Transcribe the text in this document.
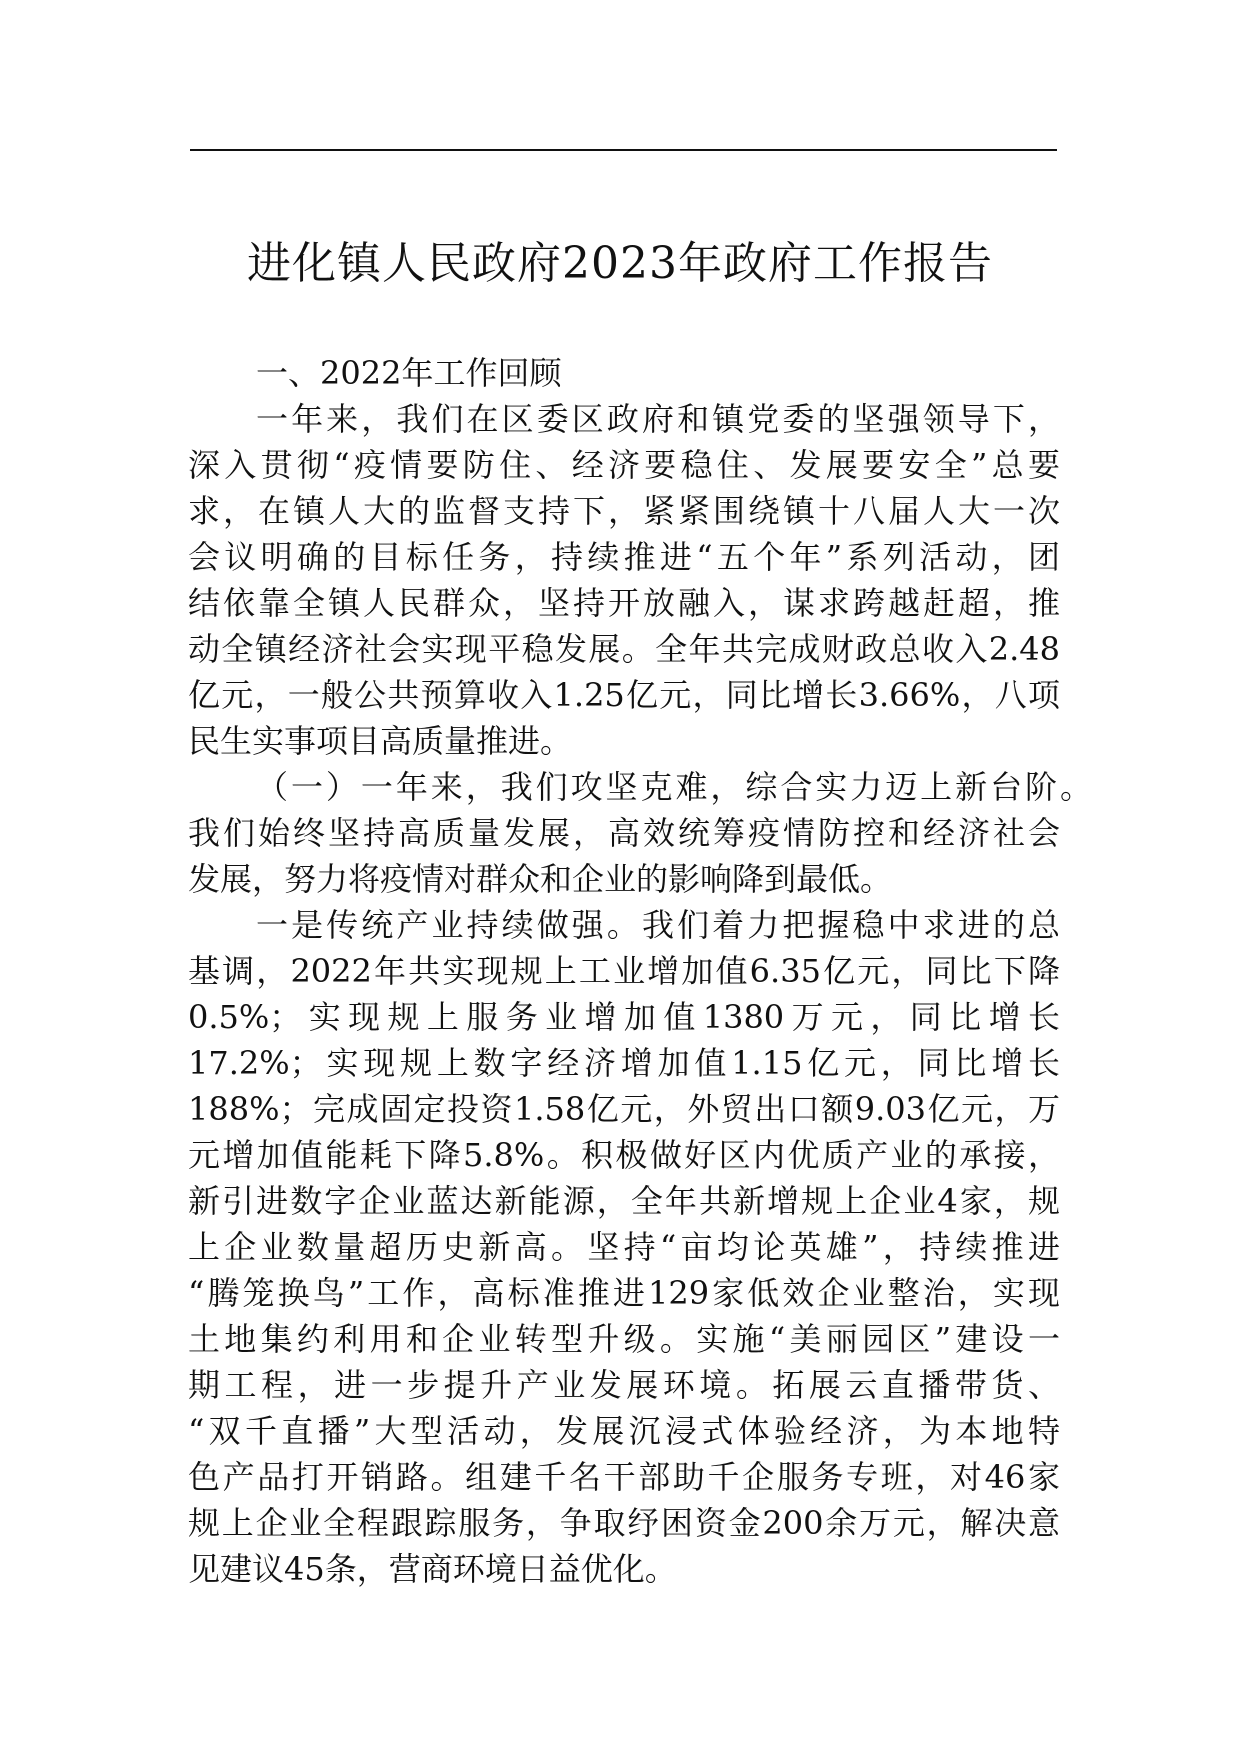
进化镇人民政府2023年政府工作报告
一、2022年工作回顾
一年来，我们在区委区政府和镇党委的坚强领导下，
深入贯彻“疫情要防住、经济要稳住、发展要安全”总要
求，在镇人大的监督支持下，紧紧围绕镇十八届人大一次
会议明确的目标任务，持续推进“五个年”系列活动，团
结依靠全镇人民群众，坚持开放融入，谋求跨越赶超，推
动全镇经济社会实现平稳发展。全年共完成财政总收入2.48
亿元，一般公共预算收入1.25亿元，同比增长3.66%，八项
民生实事项目高质量推进。
（一）一年来，我们攻坚克难，综合实力迈上新台阶。
我们始终坚持高质量发展，高效统筹疫情防控和经济社会
发展，努力将疫情对群众和企业的影响降到最低。
一是传统产业持续做强。我们着力把握稳中求进的总
基调，2022年共实现规上工业增加值6.35亿元，同比下降
0.5%；实现规上服务业增加值1380万元，同比增长
17.2%；实现规上数字经济增加值1.15亿元，同比增长
188%；完成固定投资1.58亿元，外贸出口额9.03亿元，万
元增加值能耗下降5.8%。积极做好区内优质产业的承接，
新引进数字企业蓝达新能源，全年共新增规上企业4家，规
上企业数量超历史新高。坚持“亩均论英雄”，持续推进
“腾笼换鸟”工作，高标准推进129家低效企业整治，实现
土地集约利用和企业转型升级。实施“美丽园区”建设一
期工程，进一步提升产业发展环境。拓展云直播带货、
“双千直播”大型活动，发展沉浸式体验经济，为本地特
色产品打开销路。组建千名干部助千企服务专班，对46家
规上企业全程跟踪服务，争取纾困资金200余万元，解决意
见建议45条，营商环境日益优化。
